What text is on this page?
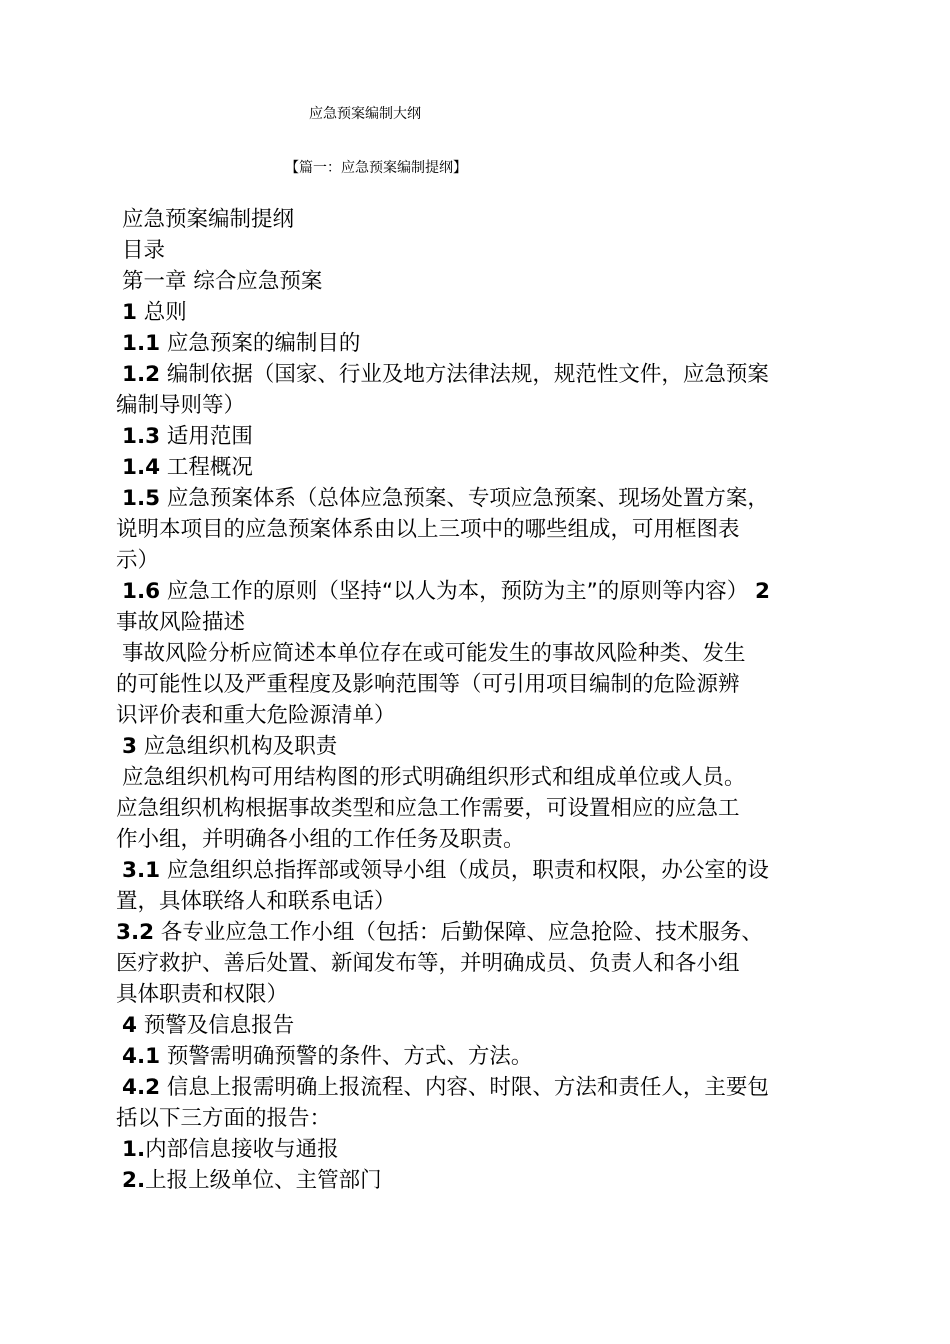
应急预案编制大纲
【篇一：应急预案编制提纲】
应急预案编制提纲
目录
第一章 综合应急预案
1 总则
1.1 应急预案的编制目的
1.2 编制依据（国家、行业及地方法律法规，规范性文件，应急预案
编制导则等）
1.3 适用范围
1.4 工程概况
1.5 应急预案体系（总体应急预案、专项应急预案、现场处置方案，
说明本项目的应急预案体系由以上三项中的哪些组成，可用框图表
示）
1.6 应急工作的原则（坚持“以人为本，预防为主”的原则等内容） 2
事故风险描述
事故风险分析应简述本单位存在或可能发生的事故风险种类、发生
的可能性以及严重程度及影响范围等（可引用项目编制的危险源辨
识评价表和重大危险源清单）
3 应急组织机构及职责
应急组织机构可用结构图的形式明确组织形式和组成单位或人员。
应急组织机构根据事故类型和应急工作需要，可设置相应的应急工
作小组，并明确各小组的工作任务及职责。
3.1 应急组织总指挥部或领导小组（成员，职责和权限，办公室的设
置，具体联络人和联系电话）
3.2 各专业应急工作小组（包括：后勤保障、应急抢险、技术服务、
医疗救护、善后处置、新闻发布等，并明确成员、负责人和各小组
具体职责和权限）
4 预警及信息报告
4.1 预警需明确预警的条件、方式、方法。
4.2 信息上报需明确上报流程、内容、时限、方法和责任人，主要包
括以下三方面的报告：
1.内部信息接收与通报
2.上报上级单位、主管部门
